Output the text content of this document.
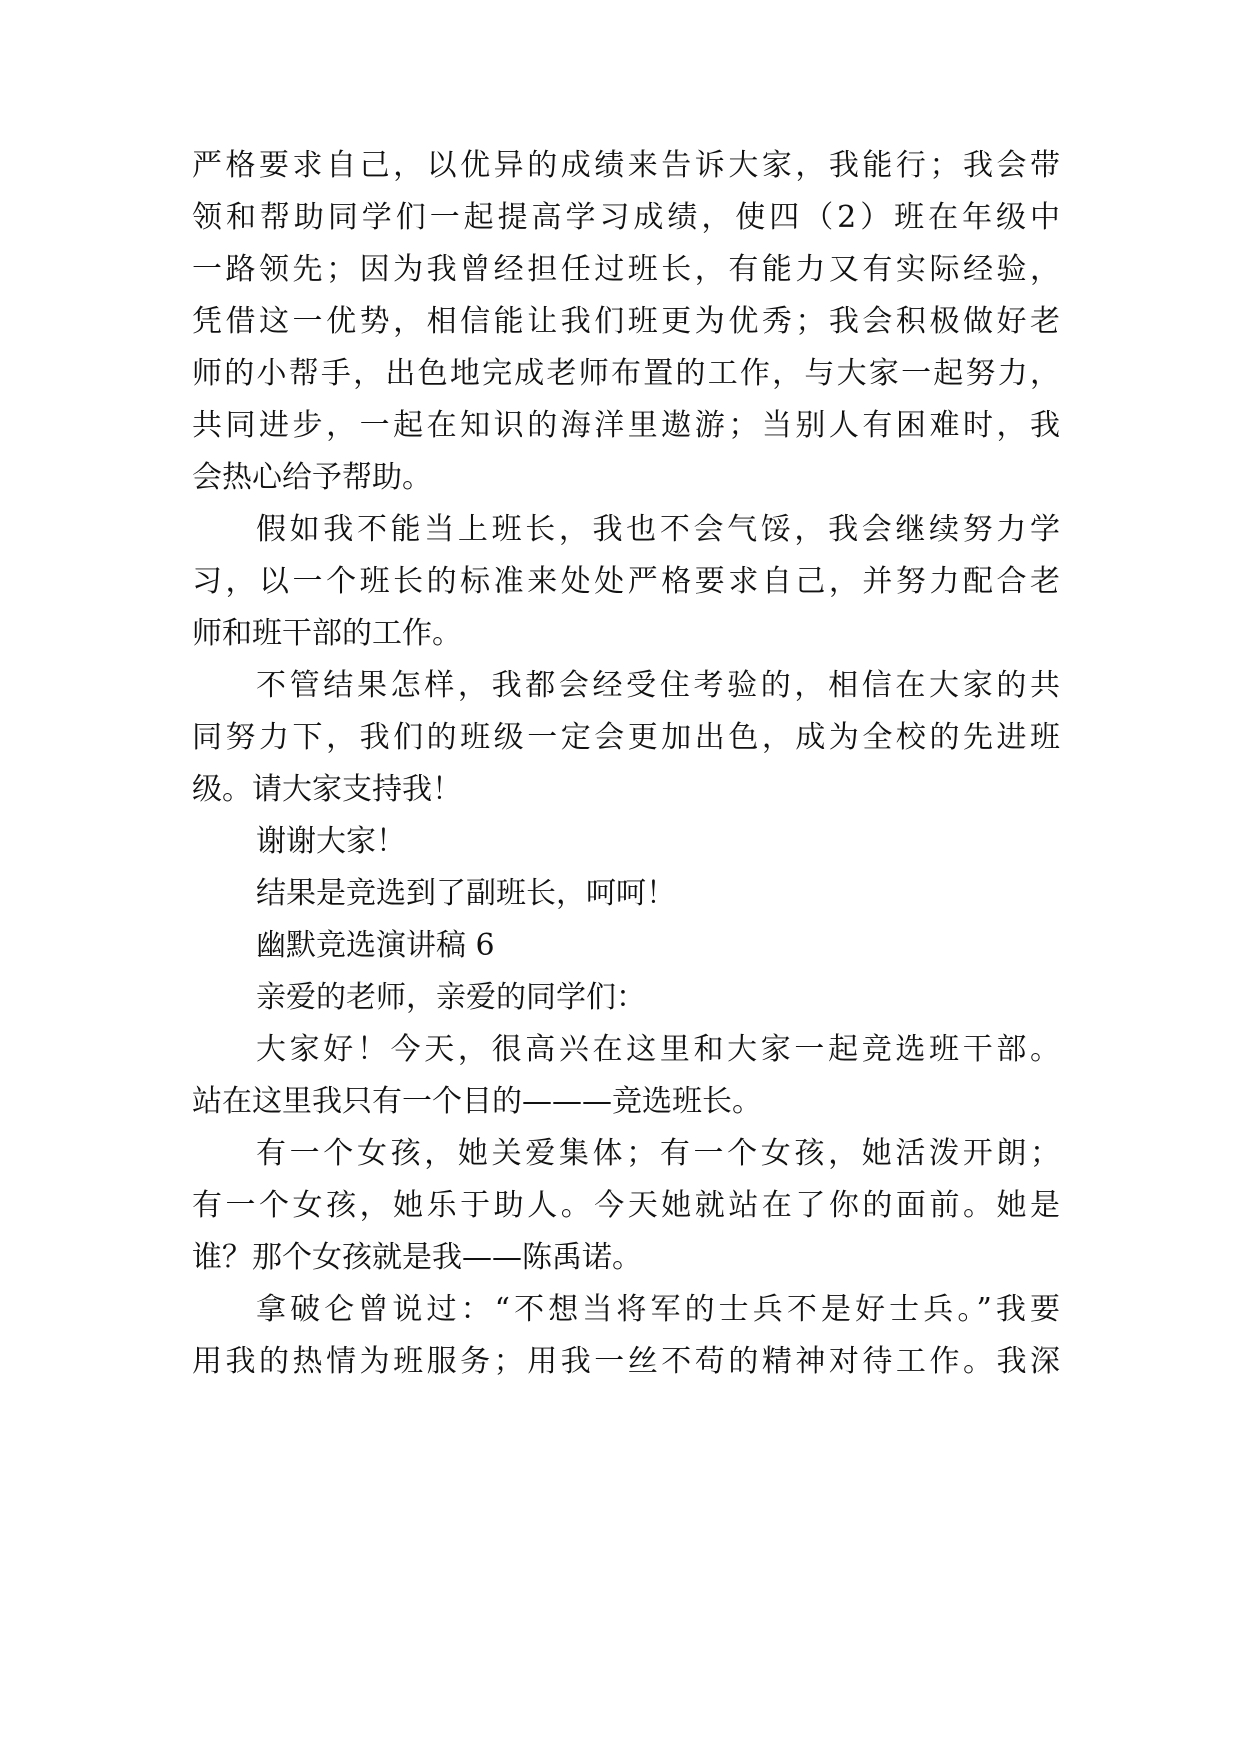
严格要求自己，以优异的成绩来告诉大家，我能行；我会带
领和帮助同学们一起提高学习成绩，使四（2）班在年级中
一路领先；因为我曾经担任过班长，有能力又有实际经验，
凭借这一优势，相信能让我们班更为优秀；我会积极做好老
师的小帮手，出色地完成老师布置的工作，与大家一起努力，
共同进步，一起在知识的海洋里遨游；当别人有困难时，我
会热心给予帮助。
假如我不能当上班长，我也不会气馁，我会继续努力学
习，以一个班长的标准来处处严格要求自己，并努力配合老
师和班干部的工作。
不管结果怎样，我都会经受住考验的，相信在大家的共
同努力下，我们的班级一定会更加出色，成为全校的先进班
级。请大家支持我！
谢谢大家！
结果是竞选到了副班长，呵呵！
幽默竞选演讲稿 6
亲爱的老师，亲爱的同学们：
大家好！今天，很高兴在这里和大家一起竞选班干部。
站在这里我只有一个目的———竞选班长。
有一个女孩，她关爱集体；有一个女孩，她活泼开朗；
有一个女孩，她乐于助人。今天她就站在了你的面前。她是
谁？那个女孩就是我——陈禹诺。
拿破仑曾说过：“不想当将军的士兵不是好士兵。”我要
用我的热情为班服务；用我一丝不苟的精神对待工作。我深
